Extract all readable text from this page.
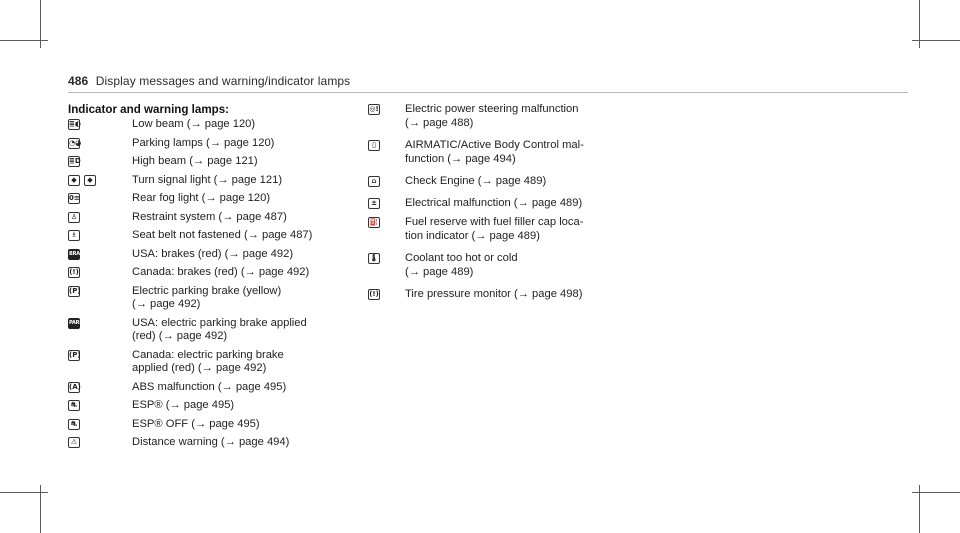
486 Display messages and warning/indicator lamps
Indicator and warning lamps:
≣◐	Low beam (→ page 120)
◔◕	Parking lamps (→ page 120)
≣D	High beam (→ page 121)
◆	◆	Turn signal light (→ page 121)
0≡	Rear fog light (→ page 120)
♙	Restraint system (→ page 487)
♗	Seat belt not fastened (→ page 487)
BRAKE	USA: brakes (red) (→ page 492)
(!)	Canada: brakes (red) (→ page 492)
(P)	Electric parking brake (yellow)
(→ page 492)
PARK	USA: electric parking brake applied
(red) (→ page 492)
(P)	Canada: electric parking brake
applied (red) (→ page 492)
(A)	ABS malfunction (→ page 495)
⛐	ESP® (→ page 495)
⛐	ESP® OFF (→ page 495)
⚠	Distance warning (→ page 494)
◎! Electric power steering malfunction
(→ page 488)
▯	AIRMATIC/Active Body Control mal-
function (→ page 494)
⌂	Check Engine (→ page 489)
±	Electrical malfunction (→ page 489)
⛽ Fuel reserve with fuel filler cap loca-
tion indicator (→ page 489)
🌡 Coolant too hot or cold
(→ page 489)
(!) Tire pressure monitor (→ page 498)
